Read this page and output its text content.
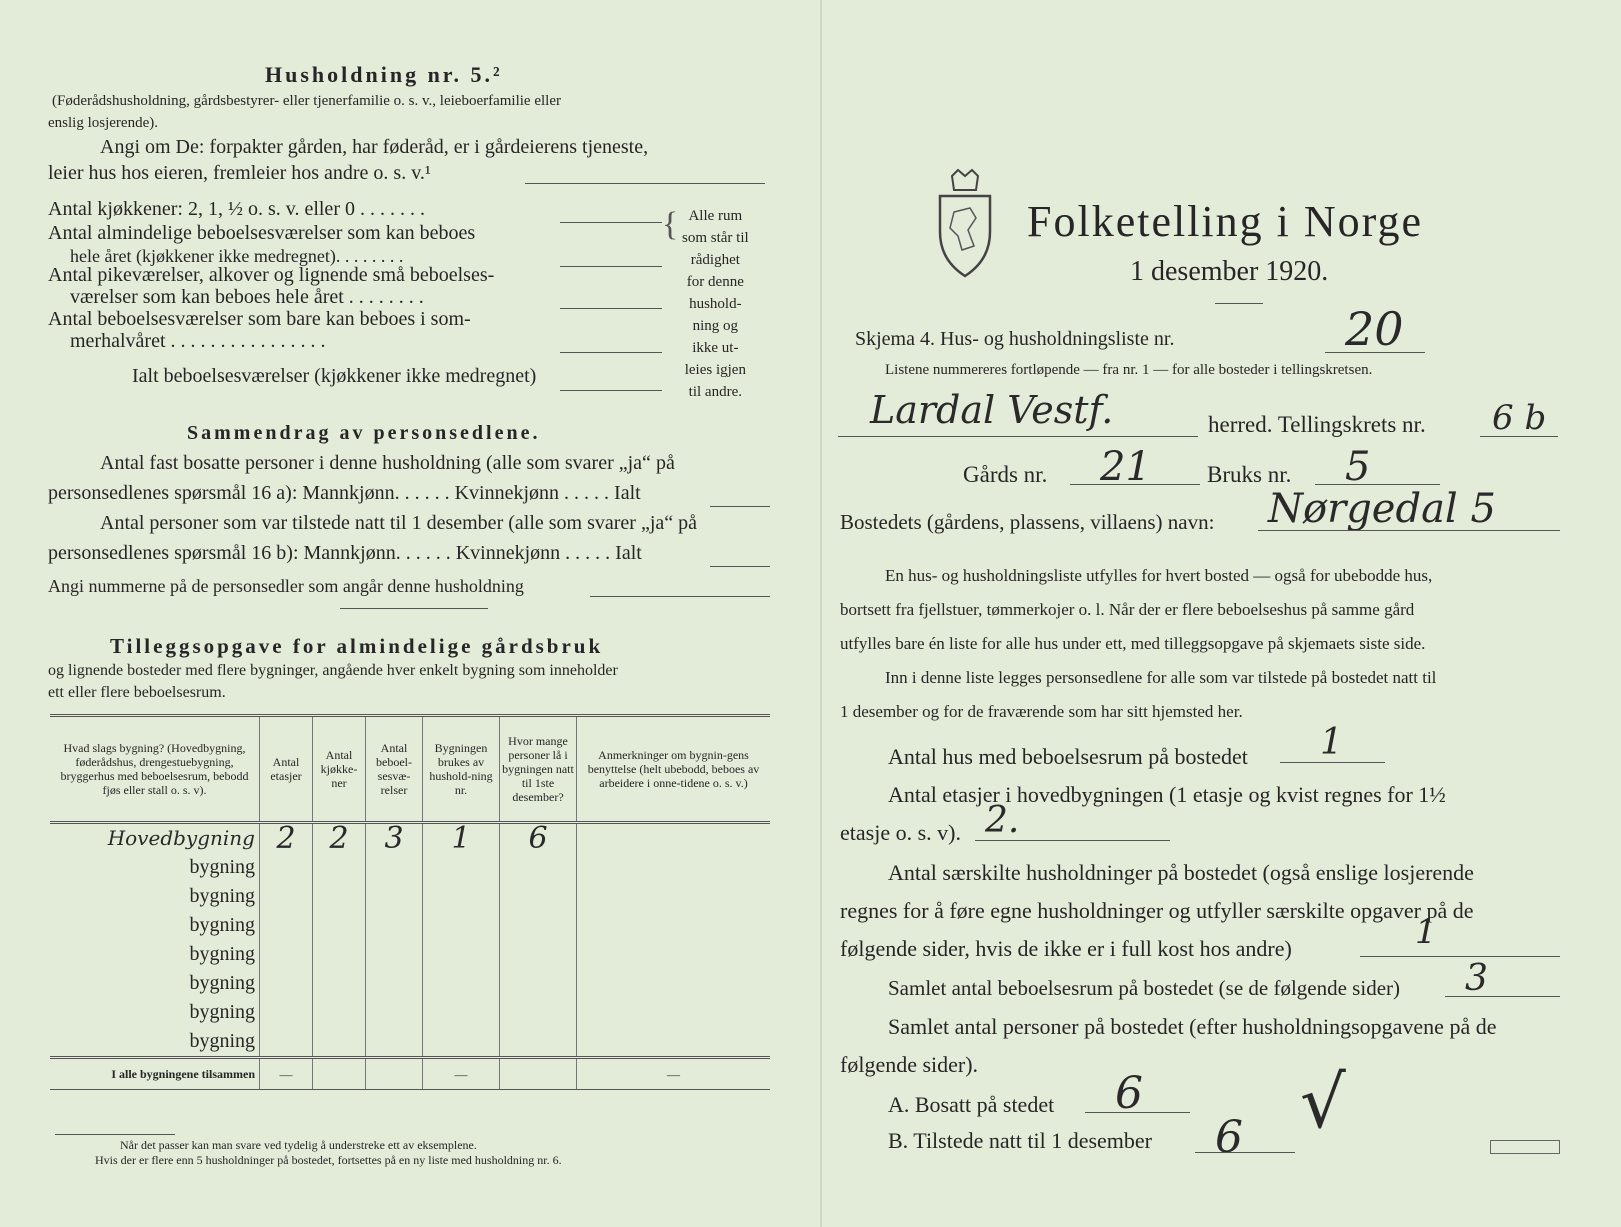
Husholdning nr. 5.²
(Føderådshusholdning, gårdsbestyrer- eller tjenerfamilie o. s. v., leieboerfamilie eller
enslig losjerende).
Angi om De: forpakter gården, har føderåd, er i gårdeierens tjeneste,
leier hus hos eieren, fremleier hos andre o. s. v.¹
Antal kjøkkener: 2, 1, ½ o. s. v. eller 0 . . . . . . .
Antal almindelige beboelsesværelser som kan beboes
hele året (kjøkkener ikke medregnet). . . . . . . .
Antal pikeværelser, alkover og lignende små beboelses-
værelser som kan beboes hele året . . . . . . . .
Antal beboelsesværelser som bare kan beboes i som-
merhalvåret . . . . . . . . . . . . . . . .
Ialt beboelsesværelser (kjøkkener ikke medregnet)
{ Alle rum
som står til
rådighet
for denne
hushold-
ning og
ikke ut-
leies igjen
til andre.
Sammendrag av personsedlene.
Antal fast bosatte personer i denne husholdning (alle som svarer „ja“ på
personsedlenes spørsmål 16 a): Mannkjønn. . . . . . Kvinnekjønn . . . . . Ialt
Antal personer som var tilstede natt til 1 desember (alle som svarer „ja“ på
personsedlenes spørsmål 16 b): Mannkjønn. . . . . . Kvinnekjønn . . . . . Ialt
Angi nummerne på de personsedler som angår denne husholdning
Tilleggsopgave for almindelige gårdsbruk
og lignende bosteder med flere bygninger, angående hver enkelt bygning som inneholder
ett eller flere beboelsesrum.
Hvad slags bygning? (Hovedbygning, føderådshus, drengestuebygning, bryggerhus med beboelsesrum, bebodd fjøs eller stall o. s. v).	Antal etasjer	Antal kjøkke-ner	Antal beboel-sesvæ-relser	Bygningen brukes av hushold-ning nr.	Hvor mange personer lå i bygningen natt til 1ste desember?	Anmerkninger om bygnin-gens benyttelse (helt ubebodd, beboes av arbeidere i onne-tidene o. s. v.)
Hovedbygning	2	2	3	1	6	
bygning						
bygning						
bygning						
bygning						
bygning						
bygning						
bygning						
I alle bygningene tilsammen	—			—		—
Når det passer kan man svare ved tydelig å understreke ett av eksemplene.
Hvis der er flere enn 5 husholdninger på bostedet, fortsettes på en ny liste med husholdning nr. 6.
Folketelling i Norge
1 desember 1920.
Skjema 4. Hus- og husholdningsliste nr.	20
Listene nummereres fortløpende — fra nr. 1 — for alle bosteder i tellingskretsen.
Lardal Vestf.	herred. Tellingskrets nr. 6 b
Gårds nr. 21 Bruks nr. 5
Bostedets (gårdens, plassens, villaens) navn: Nørgedal 5
En hus- og husholdningsliste utfylles for hvert bosted — også for ubebodde hus,
bortsett fra fjellstuer, tømmerkojer o. l. Når der er flere beboelseshus på samme gård
utfylles bare én liste for alle hus under ett, med tilleggsopgave på skjemaets siste side.
Inn i denne liste legges personsedlene for alle som var tilstede på bostedet natt til
1 desember og for de fraværende som har sitt hjemsted her.
Antal hus med beboelsesrum på bostedet 1
Antal etasjer i hovedbygningen (1 etasje og kvist regnes for 1½
etasje o. s. v). 2.
Antal særskilte husholdninger på bostedet (også enslige losjerende
regnes for å føre egne husholdninger og utfyller særskilte opgaver på de
følgende sider, hvis de ikke er i full kost hos andre)	1
Samlet antal beboelsesrum på bostedet (se de følgende sider) 3
Samlet antal personer på bostedet (efter husholdningsopgavene på de
følgende sider).
A. Bosatt på stedet 6
B. Tilstede natt til 1 desember 6 √
